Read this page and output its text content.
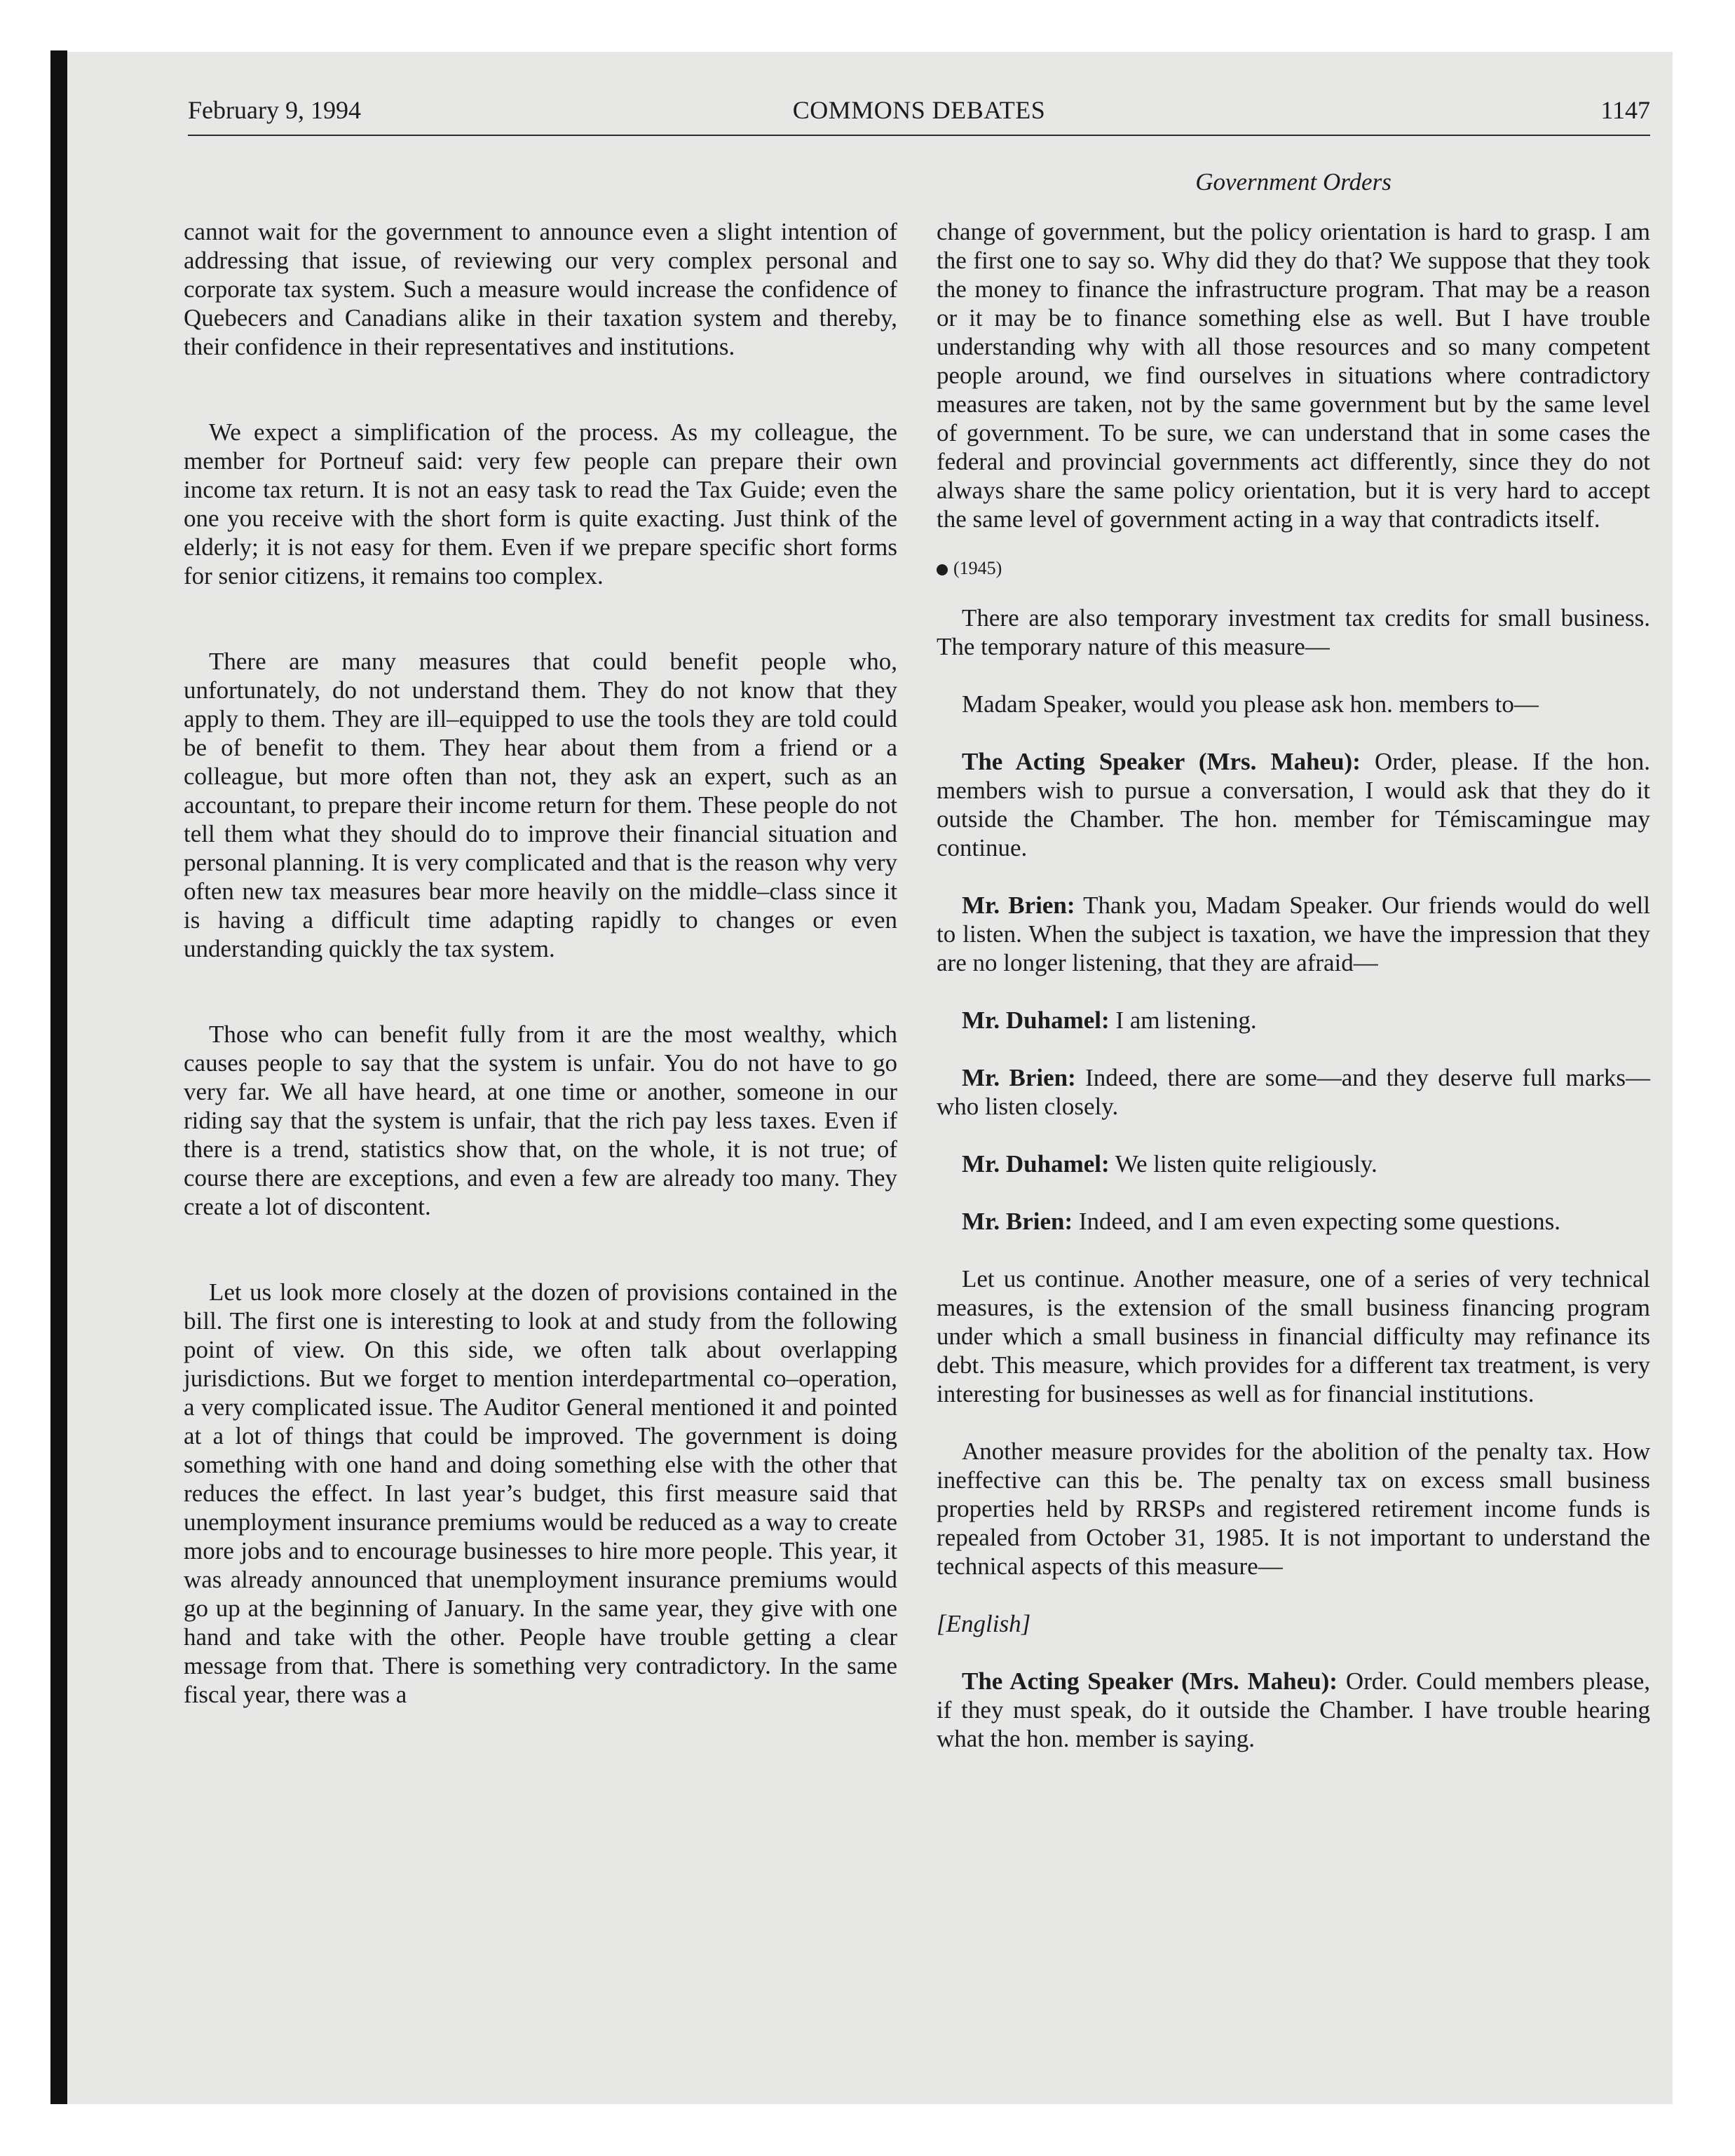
February 9, 1994	COMMONS DEBATES	1147
Government Orders

cannot wait for the government to announce even a slight intention of addressing that issue, of reviewing our very complex personal and corporate tax system. Such a measure would increase the confidence of Quebecers and Canadians alike in their taxation system and thereby, their confidence in their representatives and institutions.

We expect a simplification of the process. As my colleague, the member for Portneuf said: very few people can prepare their own income tax return. It is not an easy task to read the Tax Guide; even the one you receive with the short form is quite exacting. Just think of the elderly; it is not easy for them. Even if we prepare specific short forms for senior citizens, it remains too complex.

There are many measures that could benefit people who, unfortunately, do not understand them. They do not know that they apply to them. They are ill–equipped to use the tools they are told could be of benefit to them. They hear about them from a friend or a colleague, but more often than not, they ask an expert, such as an accountant, to prepare their income return for them. These people do not tell them what they should do to improve their financial situation and personal planning. It is very complicated and that is the reason why very often new tax measures bear more heavily on the middle–class since it is having a difficult time adapting rapidly to changes or even understanding quickly the tax system.

Those who can benefit fully from it are the most wealthy, which causes people to say that the system is unfair. You do not have to go very far. We all have heard, at one time or another, someone in our riding say that the system is unfair, that the rich pay less taxes. Even if there is a trend, statistics show that, on the whole, it is not true; of course there are exceptions, and even a few are already too many. They create a lot of discontent.

Let us look more closely at the dozen of provisions contained in the bill. The first one is interesting to look at and study from the following point of view. On this side, we often talk about overlapping jurisdictions. But we forget to mention interdepartmental co–operation, a very complicated issue. The Auditor General mentioned it and pointed at a lot of things that could be improved. The government is doing something with one hand and doing something else with the other that reduces the effect. In last year’s budget, this first measure said that unemployment insurance premiums would be reduced as a way to create more jobs and to encourage businesses to hire more people. This year, it was already announced that unemployment insurance premiums would go up at the beginning of January. In the same year, they give with one hand and take with the other. People have trouble getting a clear message from that. There is something very contradictory. In the same fiscal year, there was a

change of government, but the policy orientation is hard to grasp. I am the first one to say so. Why did they do that? We suppose that they took the money to finance the infrastructure program. That may be a reason or it may be to finance something else as well. But I have trouble understanding why with all those resources and so many competent people around, we find ourselves in situations where contradictory measures are taken, not by the same government but by the same level of government. To be sure, we can understand that in some cases the federal and provincial governments act differently, since they do not always share the same policy orientation, but it is very hard to accept the same level of government acting in a way that contradicts itself.

(1945)

There are also temporary investment tax credits for small business. The temporary nature of this measure—

Madam Speaker, would you please ask hon. members to—

The Acting Speaker (Mrs. Maheu): Order, please. If the hon. members wish to pursue a conversation, I would ask that they do it outside the Chamber. The hon. member for Témiscamingue may continue.

Mr. Brien: Thank you, Madam Speaker. Our friends would do well to listen. When the subject is taxation, we have the impression that they are no longer listening, that they are afraid—

Mr. Duhamel: I am listening.

Mr. Brien: Indeed, there are some—and they deserve full marks—who listen closely.

Mr. Duhamel: We listen quite religiously.

Mr. Brien: Indeed, and I am even expecting some questions.

Let us continue. Another measure, one of a series of very technical measures, is the extension of the small business financing program under which a small business in financial difficulty may refinance its debt. This measure, which provides for a different tax treatment, is very interesting for businesses as well as for financial institutions.

Another measure provides for the abolition of the penalty tax. How ineffective can this be. The penalty tax on excess small business properties held by RRSPs and registered retirement income funds is repealed from October 31, 1985. It is not important to understand the technical aspects of this measure—

[English]

The Acting Speaker (Mrs. Maheu): Order. Could members please, if they must speak, do it outside the Chamber. I have trouble hearing what the hon. member is saying.
